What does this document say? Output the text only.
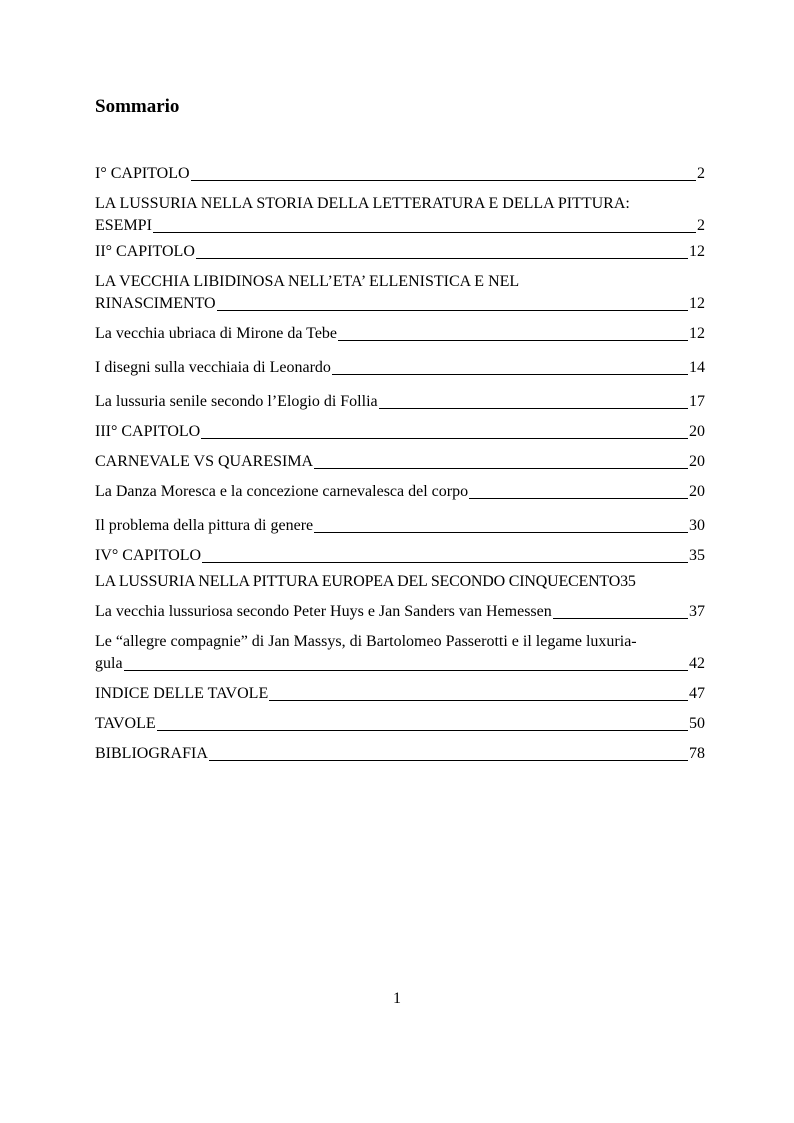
Sommario
I° CAPITOLO	2
LA LUSSURIA NELLA STORIA DELLA LETTERATURA E DELLA PITTURA:
ESEMPI	2
II° CAPITOLO	12
LA VECCHIA LIBIDINOSA NELL’ETA’ ELLENISTICA E NEL
RINASCIMENTO	12
La vecchia ubriaca di Mirone da Tebe	12
I disegni sulla vecchiaia di Leonardo	14
La lussuria senile secondo l’Elogio di Follia	17
III° CAPITOLO	20
CARNEVALE VS QUARESIMA	20
La Danza Moresca e la concezione carnevalesca del corpo	20
Il problema della pittura di genere	30
IV° CAPITOLO	35
LA LUSSURIA NELLA PITTURA EUROPEA DEL SECONDO CINQUECENTO 35
La vecchia lussuriosa secondo Peter Huys e Jan Sanders van Hemessen	37
Le “allegre compagnie” di Jan Massys, di Bartolomeo Passerotti e il legame luxuria-
gula	42
INDICE DELLE TAVOLE	47
TAVOLE	50
BIBLIOGRAFIA	78

1
